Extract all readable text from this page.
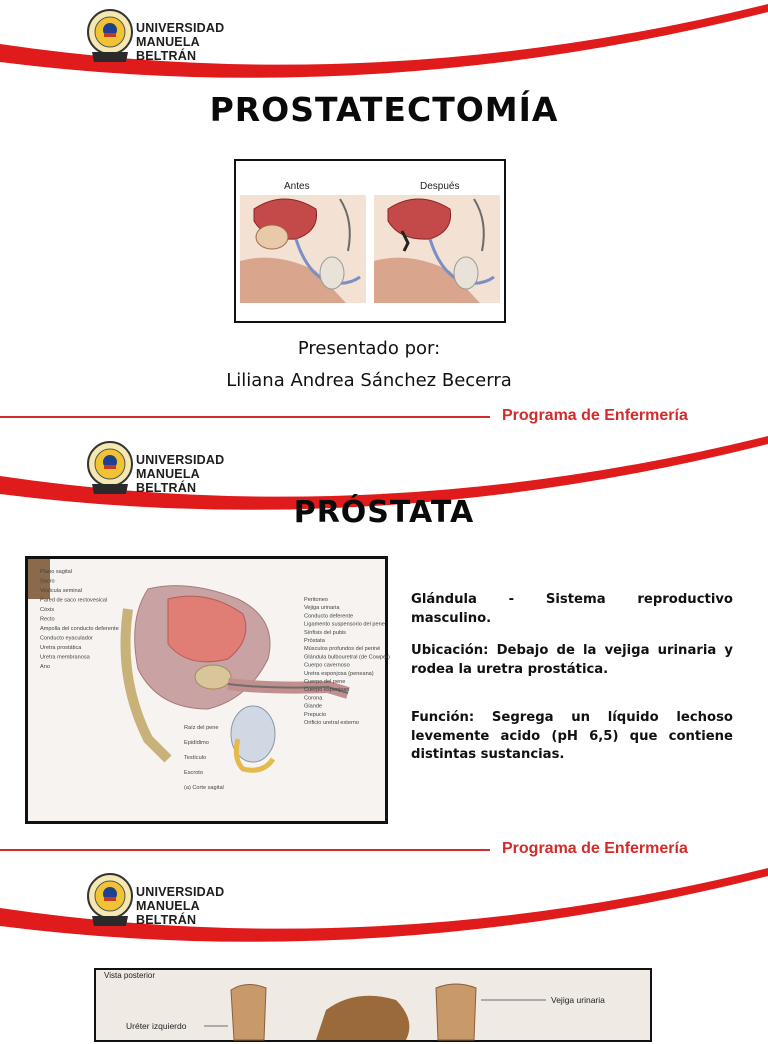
UNIVERSIDAD
MANUELA BELTRÁN
PROSTATECTOMÍA
Antes	Después
Presentado por:
Liliana Andrea Sánchez Becerra
Programa de Enfermería
UNIVERSIDAD
MANUELA BELTRÁN
PRÓSTATA
Plano sagital
Sacro
Vesícula seminal
Pared de saco rectovesical
Cóxis
Recto
Ampolla del conducto deferente
Conducto eyaculador
Uretra prostática
Uretra membranosa
Ano
Peritoneo
Vejiga urinaria
Conducto deferente
Ligamento suspensorio del pene
Sínfisis del pubis
Próstata
Músculos profundos del periné
Glándula bulbouretral (de Cowper)
Cuerpo cavernoso
Uretra esponjosa (peneana)
Cuerpo del pene
Cuerpo esponjoso
Corona
Glande
Prepucio
Orificio uretral externo
Raíz del pene
Epidídimo
Testículo
Escroto
(a) Corte sagital
Glándula - Sistema reproductivo masculino.
Ubicación: Debajo de la vejiga urinaria y rodea la uretra prostática.
Función: Segrega un líquido lechoso levemente acido (pH 6,5) que contiene distintas sustancias.
Programa de Enfermería
UNIVERSIDAD
MANUELA BELTRÁN
Vista posterior
Vejiga urinaria
Uréter izquierdo
